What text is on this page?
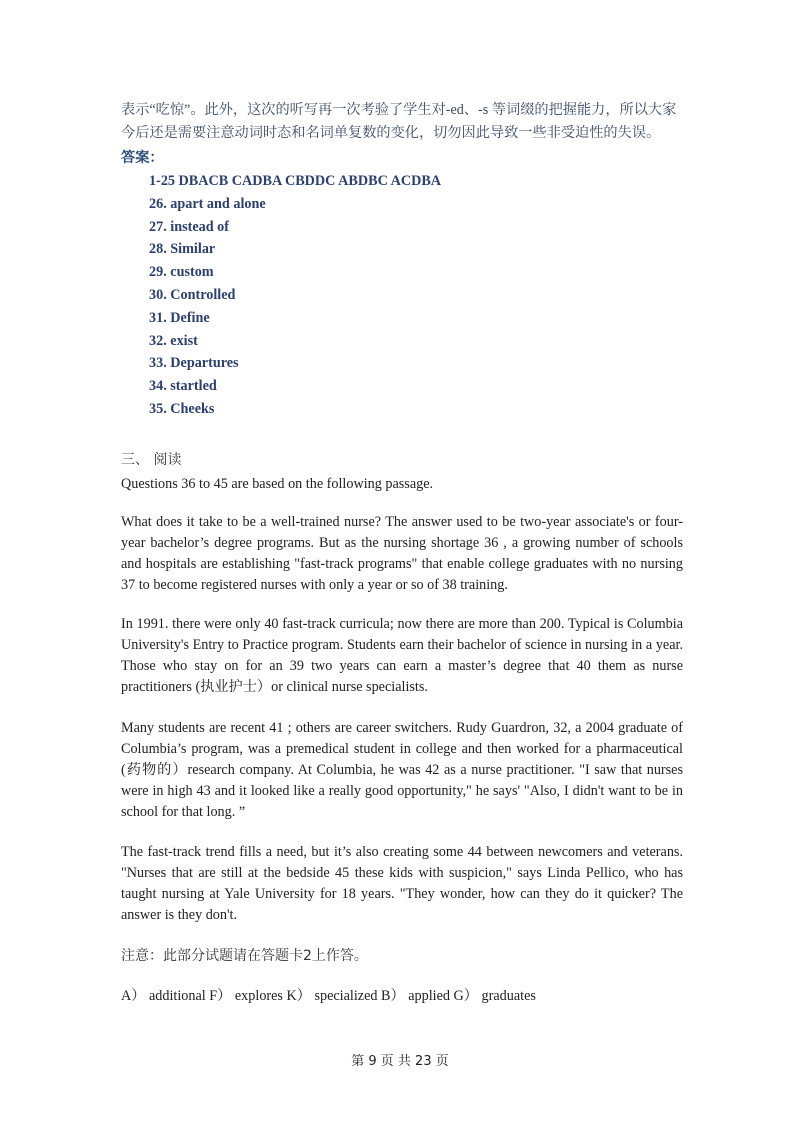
表示“吃惊”。此外，这次的听写再一次考验了学生对-ed、-s 等词缀的把握能力，所以大家今后还是需要注意动词时态和名词单复数的变化，切勿因此导致一些非受迫性的失误。
答案：
1-25 DBACB CADBA CBDDC ABDBC ACDBA
26. apart and alone
27. instead of
28. Similar
29. custom
30. Controlled
31. Define
32. exist
33. Departures
34. startled
35. Cheeks
三、 阅读
Questions 36 to 45 are based on the following passage.
What does it take to be a well-trained nurse? The answer used to be two-year associate's or four-year bachelor’s degree programs. But as the nursing shortage 36 , a growing number of schools and hospitals are establishing "fast-track programs" that enable college graduates with no nursing 37 to become registered nurses with only a year or so of 38 training.
In 1991. there were only 40 fast-track curricula; now there are more than 200. Typical is Columbia University's Entry to Practice program. Students earn their bachelor of science in nursing in a year. Those who stay on for an 39 two years can earn a master’s degree that 40 them as nurse practitioners (执业护士）or clinical nurse specialists.
Many students are recent 41 ; others are career switchers. Rudy Guardron, 32, a 2004 graduate of Columbia’s program, was a premedical student in college and then worked for a pharmaceutical (药物的）research company. At Columbia, he was 42 as a nurse practitioner. "I saw that nurses were in high 43 and it looked like a really good opportunity," he says' "Also, I didn't want to be in school for that long. ”
The fast-track trend fills a need, but it’s also creating some 44 between newcomers and veterans. "Nurses that are still at the bedside 45 these kids with suspicion," says Linda Pellico, who has taught nursing at Yale University for 18 years. "They wonder, how can they do it quicker? The answer is they don't.
注意：此部分试题请在答题卡2上作答。
A） additional F） explores K） specialized B） applied G） graduates
第 9 页 共 23 页
